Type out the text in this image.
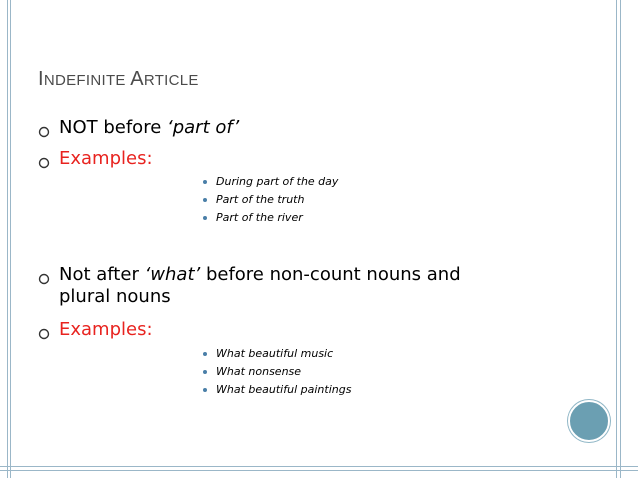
INDEFINITE ARTICLE
NOT before ‘part of’
Examples:
During part of the day
Part of the truth
Part of the river
Not after ‘what’ before non-count nouns and
plural nouns
Examples:
What beautiful music
What nonsense
What beautiful paintings
